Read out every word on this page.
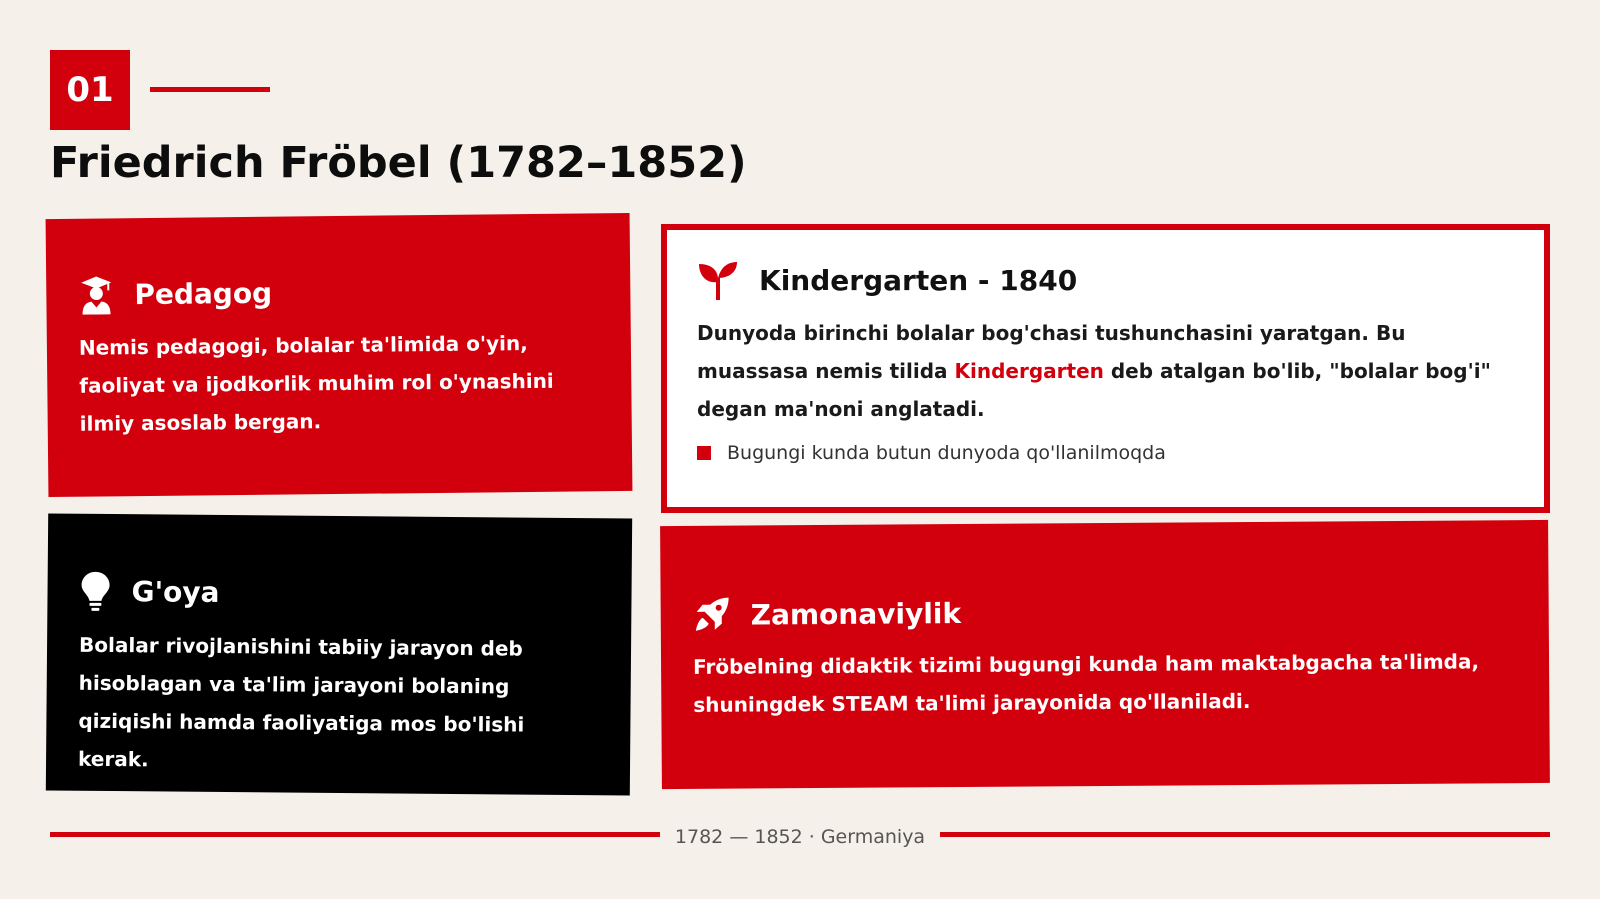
01
Friedrich Fröbel (1782–1852)
Pedagog
Nemis pedagogi, bolalar ta'limida o'yin, faoliyat va ijodkorlik muhim rol o'ynashini ilmiy asoslab bergan.
Kindergarten - 1840
Dunyoda birinchi bolalar bog'chasi tushunchasini yaratgan. Bu muassasa nemis tilida Kindergarten deb atalgan bo'lib, "bolalar bog'i" degan ma'noni anglatadi.
Bugungi kunda butun dunyoda qo'llanilmoqda
G'oya
Bolalar rivojlanishini tabiiy jarayon deb hisoblagan va ta'lim jarayoni bolaning qiziqishi hamda faoliyatiga mos bo'lishi kerak.
Zamonaviylik
Fröbelning didaktik tizimi bugungi kunda ham maktabgacha ta'limda, shuningdek STEAM ta'limi jarayonida qo'llaniladi.
1782 — 1852 · Germaniya
